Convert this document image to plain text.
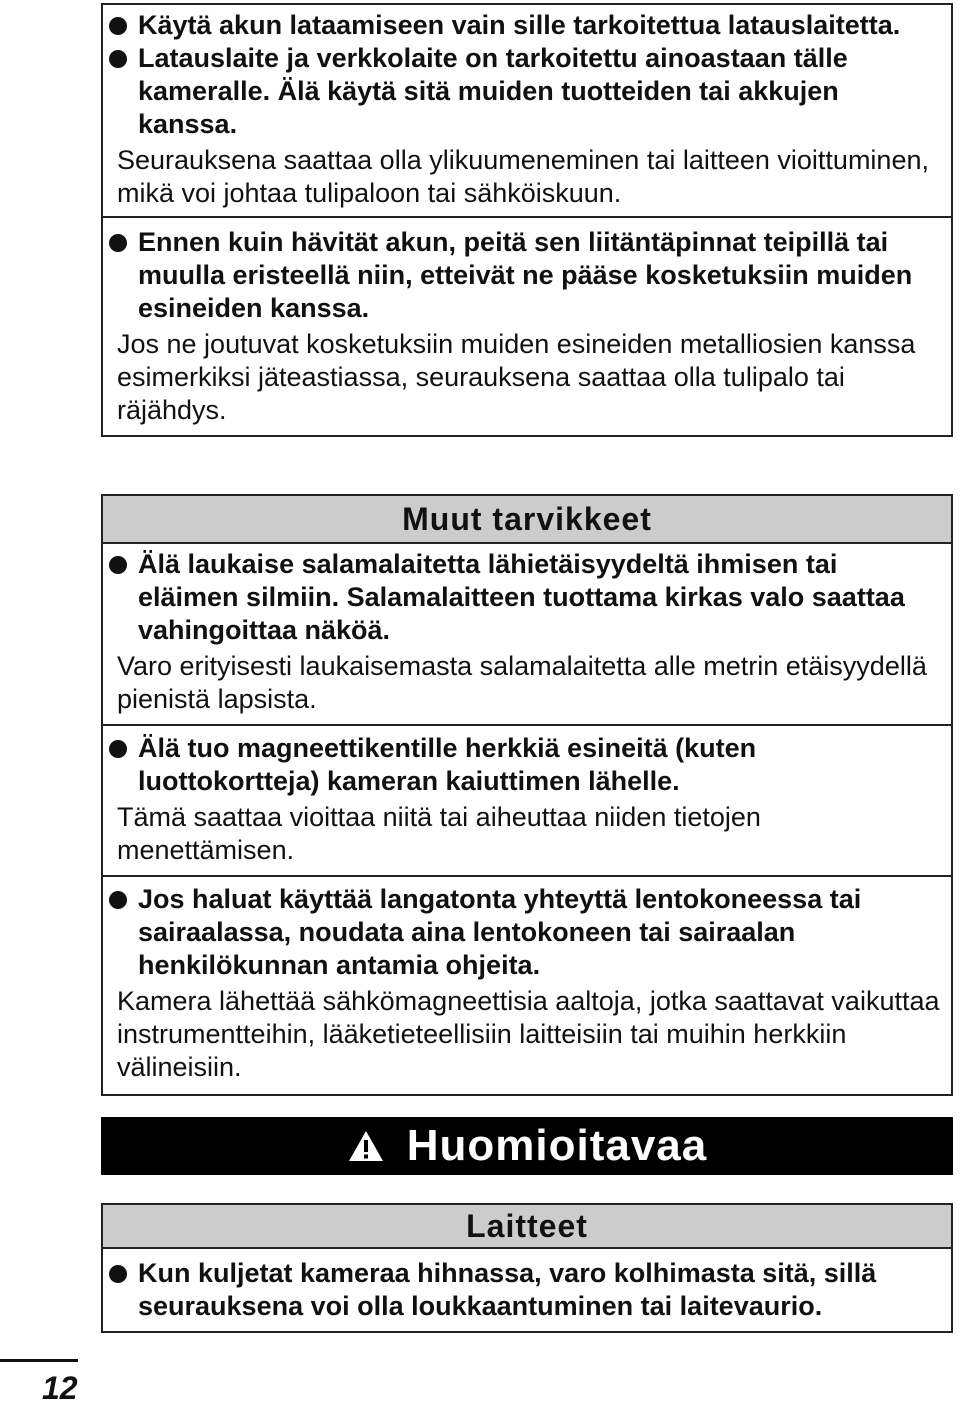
Käytä akun lataamiseen vain sille tarkoitettua latauslaitetta.
Latauslaite ja verkkolaite on tarkoitettu ainoastaan tälle kameralle. Älä käytä sitä muiden tuotteiden tai akkujen kanssa.
Seurauksena saattaa olla ylikuumeneminen tai laitteen vioittuminen, mikä voi johtaa tulipaloon tai sähköiskuun.
Ennen kuin hävität akun, peitä sen liitäntäpinnat teipillä tai muulla eristeellä niin, etteivät ne pääse kosketuksiin muiden esineiden kanssa.
Jos ne joutuvat kosketuksiin muiden esineiden metalliosien kanssa esimerkiksi jäteastiassa, seurauksena saattaa olla tulipalo tai räjähdys.
Muut tarvikkeet
Älä laukaise salamalaitetta lähietäisyydeltä ihmisen tai eläimen silmiin. Salamalaitteen tuottama kirkas valo saattaa vahingoittaa näköä.
Varo erityisesti laukaisemasta salamalaitetta alle metrin etäisyydellä pienistä lapsista.
Älä tuo magneettikentille herkkiä esineitä (kuten luottokortteja) kameran kaiuttimen lähelle.
Tämä saattaa vioittaa niitä tai aiheuttaa niiden tietojen menettämisen.
Jos haluat käyttää langatonta yhteyttä lentokoneessa tai sairaalassa, noudata aina lentokoneen tai sairaalan henkilökunnan antamia ohjeita.
Kamera lähettää sähkömagneettisia aaltoja, jotka saattavat vaikuttaa instrumentteihin, lääketieteellisiin laitteisiin tai muihin herkkiin välineisiin.
Huomioitavaa
Laitteet
Kun kuljetat kameraa hihnassa, varo kolhimasta sitä, sillä seurauksena voi olla loukkaantuminen tai laitevaurio.
12
